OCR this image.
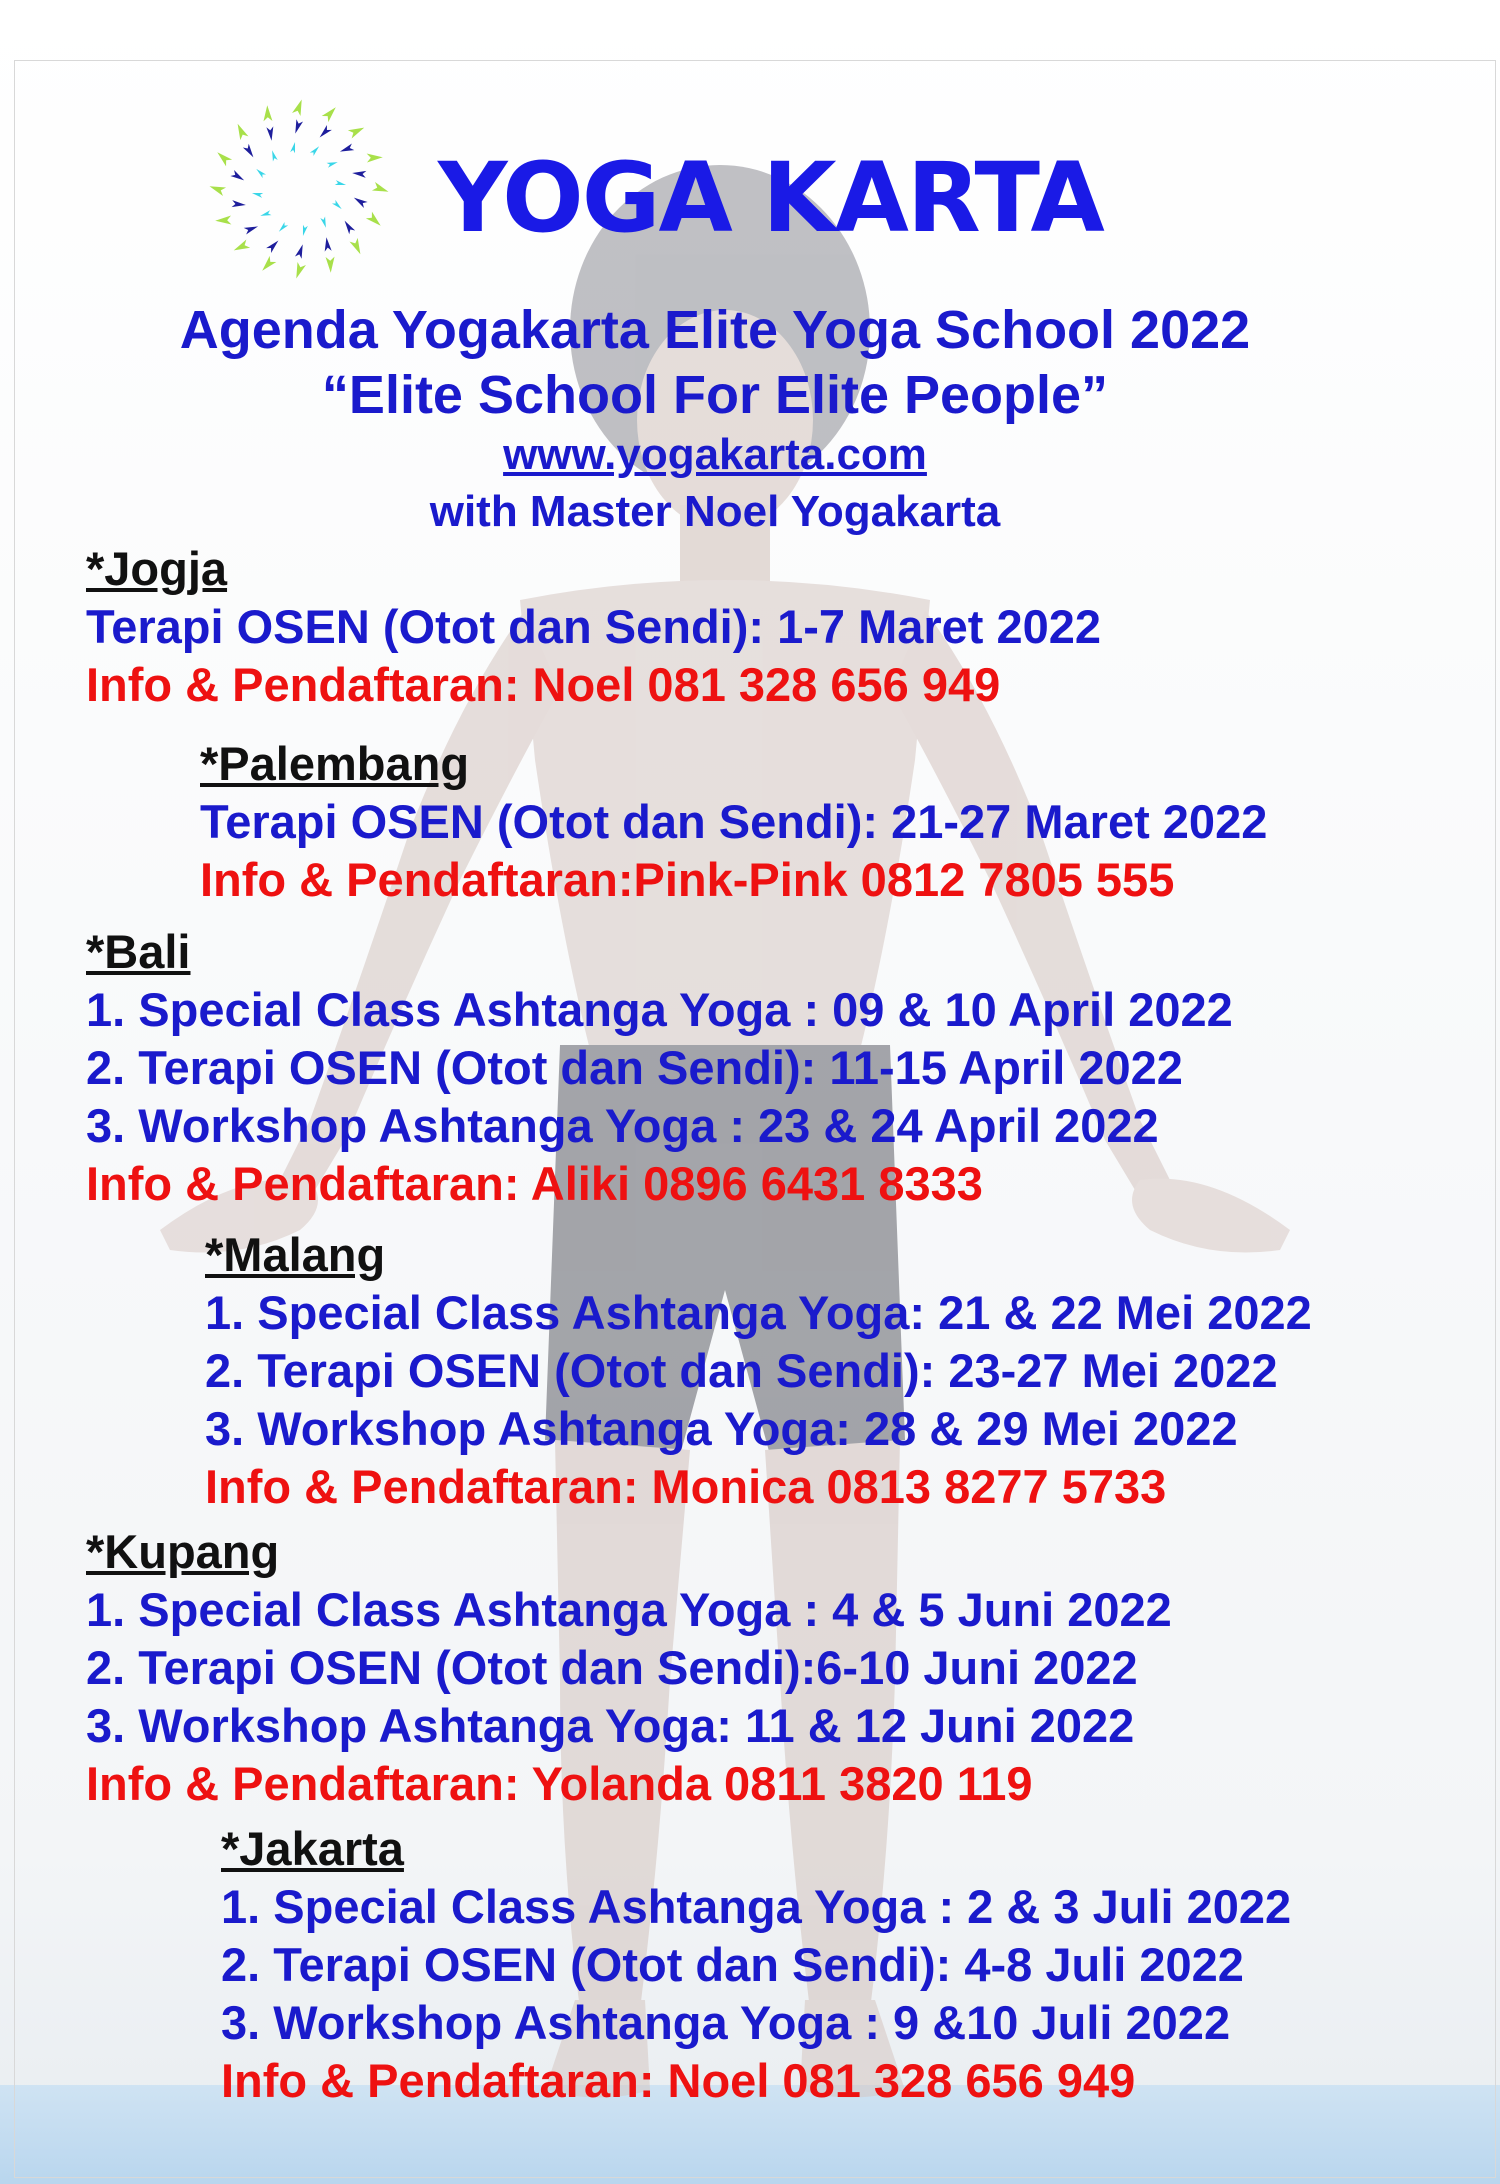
YOGA KARTA
Agenda Yogakarta Elite Yoga School 2022
“Elite School For Elite People”
www.yogakarta.com
with Master Noel Yogakarta
*Jogja
Terapi OSEN (Otot dan Sendi): 1-7 Maret 2022
Info & Pendaftaran: Noel 081 328 656 949
*Palembang
Terapi OSEN (Otot dan Sendi): 21-27 Maret 2022
Info & Pendaftaran:Pink-Pink 0812 7805 555
*Bali
1. Special Class Ashtanga Yoga : 09 & 10 April 2022
2. Terapi OSEN (Otot dan Sendi): 11-15 April 2022
3. Workshop Ashtanga Yoga : 23 & 24 April 2022
Info & Pendaftaran: Aliki 0896 6431 8333
*Malang
1. Special Class Ashtanga Yoga: 21 & 22 Mei 2022
2. Terapi OSEN (Otot dan Sendi): 23-27 Mei 2022
3. Workshop Ashtanga Yoga: 28 & 29 Mei 2022
Info & Pendaftaran: Monica 0813 8277 5733
*Kupang
1. Special Class Ashtanga Yoga : 4 & 5 Juni 2022
2. Terapi OSEN (Otot dan Sendi):6-10 Juni 2022
3. Workshop Ashtanga Yoga: 11 & 12 Juni 2022
Info & Pendaftaran: Yolanda 0811 3820 119
*Jakarta
1. Special Class Ashtanga Yoga : 2 & 3 Juli 2022
2. Terapi OSEN (Otot dan Sendi): 4-8 Juli 2022
3. Workshop Ashtanga Yoga : 9 &10 Juli 2022
Info & Pendaftaran: Noel 081 328 656 949
